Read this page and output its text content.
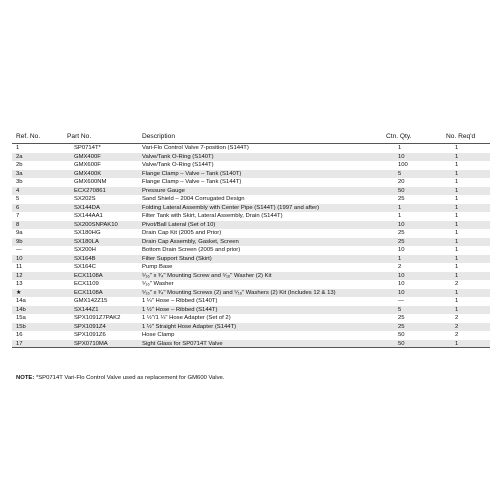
Ref. No.	Part No.	Description	Ctn. Qty.	No. Req'd
1	SP0714T*	Vari-Flo Control Valve 7-position (S144T)	1	1
2a	GMX400F	Valve/Tank O-Ring (S140T)	10	1
2b	GMX600F	Valve/Tank O-Ring (S144T)	100	1
3a	GMX400K	Flange Clamp – Valve – Tank (S140T)	5	1
3b	GMX600NM	Flange Clamp – Valve – Tank (S144T)	20	1
4	ECX270861	Pressure Gauge	50	1
5	SX202S	Sand Shield – 2004 Corrugated Design	25	1
6	SX144DA	Folding Lateral Assembly with Center Pipe (S144T) (1997 and after)	1	1
7	SX144AA1	Filter Tank with Skirt, Lateral Assembly, Drain (S144T)	1	1
8	SX200SNPAK10	Pivot/Ball Lateral (Set of 10)	10	1
9a	SX180HG	Drain Cap Kit (2005 and Prior)	25	1
9b	SX180LA	Drain Cap Assembly, Gasket, Screen	25	1
—	SX200H	Bottom Drain Screen (2005 and prior)	10	1
10	SX164B	Filter Support Stand (Skirt)	1	1
11	SX164C	Pump Base	2	1
12	ECX1108A	⁵⁄₁₆" x ³⁄₄" Mounting Screw and ⁵⁄₁₆" Washer (2) Kit	10	1
13	ECX1109	⁵⁄₁₆" Washer	10	2
★	ECX1108A	⁵⁄₁₆" x ³⁄₄" Mounting Screws (2) and ⁵⁄₁₆" Washers (2) Kit (Includes 12 & 13)	10	1
14a	GMX142Z15	1 ¼" Hose – Ribbed (S140T)	—	1
14b	SX144Z1	1 ½" Hose – Ribbed (S144T)	5	1
15a	SPX1091Z7PAK2	1 ½"/1 ¼" Hose Adapter (Set of 2)	25	2
15b	SPX1091Z4	1 ½" Straight Hose Adapter (S144T)	25	2
16	SPX1091Z6	Hose Clamp	50	2
17	SPX0710MA	Sight Glass for SP0714T Valve	50	1
NOTE: *SP0714T Vari-Flo Control Valve used as replacement for GM600 Valve.
